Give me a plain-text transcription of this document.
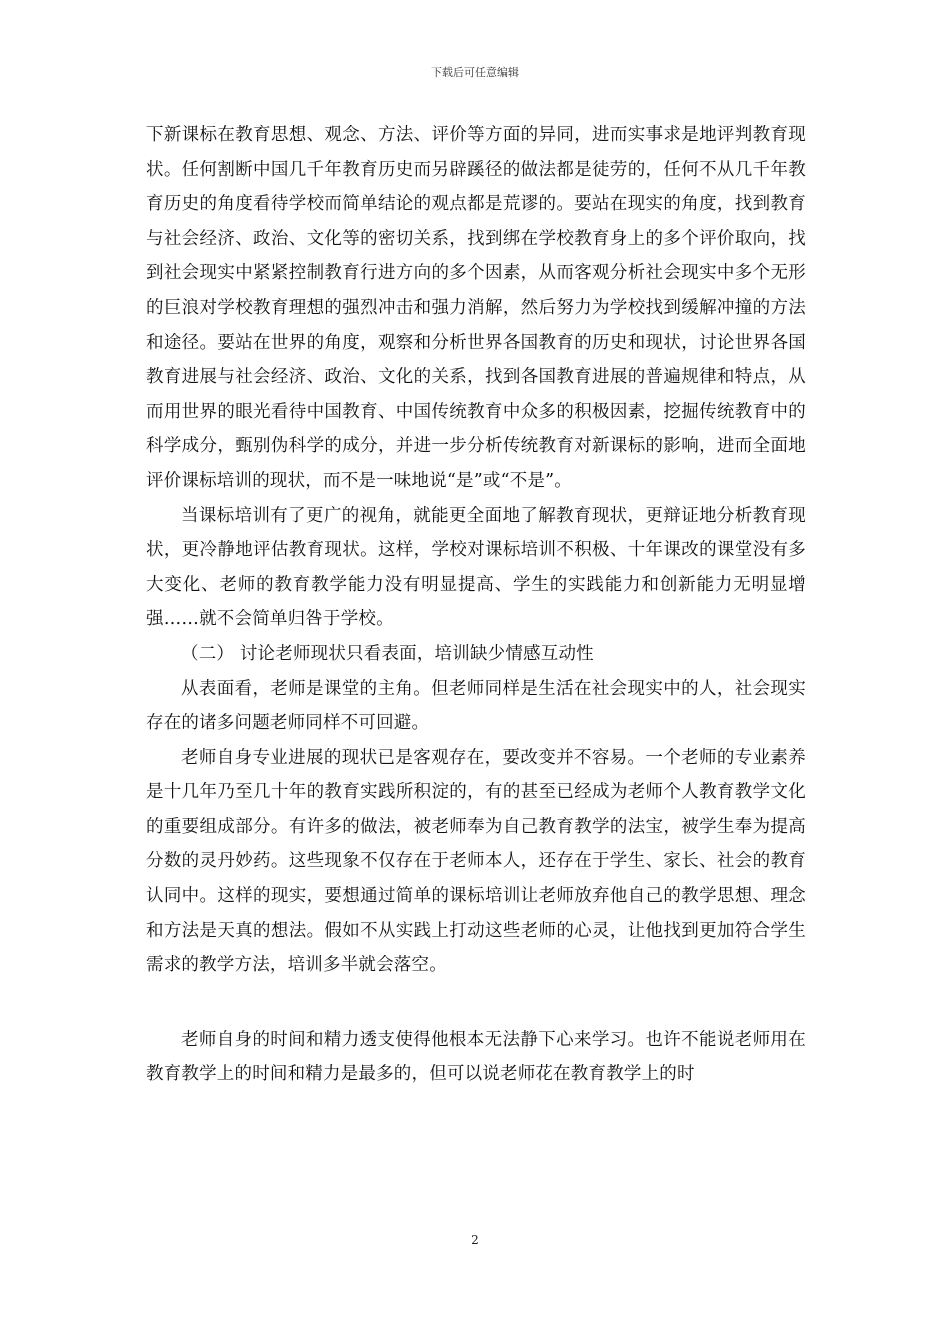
下载后可任意编辑

下新课标在教育思想、观念、方法、评价等方面的异同，进而实事求是地评判教育现状。任何割断中国几千年教育历史而另辟蹊径的做法都是徒劳的，任何不从几千年教育历史的角度看待学校而简单结论的观点都是荒谬的。要站在现实的角度，找到教育与社会经济、政治、文化等的密切关系，找到绑在学校教育身上的多个评价取向，找到社会现实中紧紧控制教育行进方向的多个因素，从而客观分析社会现实中多个无形的巨浪对学校教育理想的强烈冲击和强力消解，然后努力为学校找到缓解冲撞的方法和途径。要站在世界的角度，观察和分析世界各国教育的历史和现状，讨论世界各国教育进展与社会经济、政治、文化的关系，找到各国教育进展的普遍规律和特点，从而用世界的眼光看待中国教育、中国传统教育中众多的积极因素，挖掘传统教育中的科学成分，甄别伪科学的成分，并进一步分析传统教育对新课标的影响，进而全面地评价课标培训的现状，而不是一味地说“是”或“不是”。

当课标培训有了更广的视角，就能更全面地了解教育现状，更辩证地分析教育现状，更冷静地评估教育现状。这样，学校对课标培训不积极、十年课改的课堂没有多大变化、老师的教育教学能力没有明显提高、学生的实践能力和创新能力无明显增强……就不会简单归咎于学校。

（二） 讨论老师现状只看表面，培训缺少情感互动性

从表面看，老师是课堂的主角。但老师同样是生活在社会现实中的人，社会现实存在的诸多问题老师同样不可回避。

老师自身专业进展的现状已是客观存在，要改变并不容易。一个老师的专业素养是十几年乃至几十年的教育实践所积淀的，有的甚至已经成为老师个人教育教学文化的重要组成部分。有许多的做法，被老师奉为自己教育教学的法宝，被学生奉为提高分数的灵丹妙药。这些现象不仅存在于老师本人，还存在于学生、家长、社会的教育认同中。这样的现实，要想通过简单的课标培训让老师放弃他自己的教学思想、理念和方法是天真的想法。假如不从实践上打动这些老师的心灵，让他找到更加符合学生需求的教学方法，培训多半就会落空。

老师自身的时间和精力透支使得他根本无法静下心来学习。也许不能说老师用在教育教学上的时间和精力是最多的，但可以说老师花在教育教学上的时

2
